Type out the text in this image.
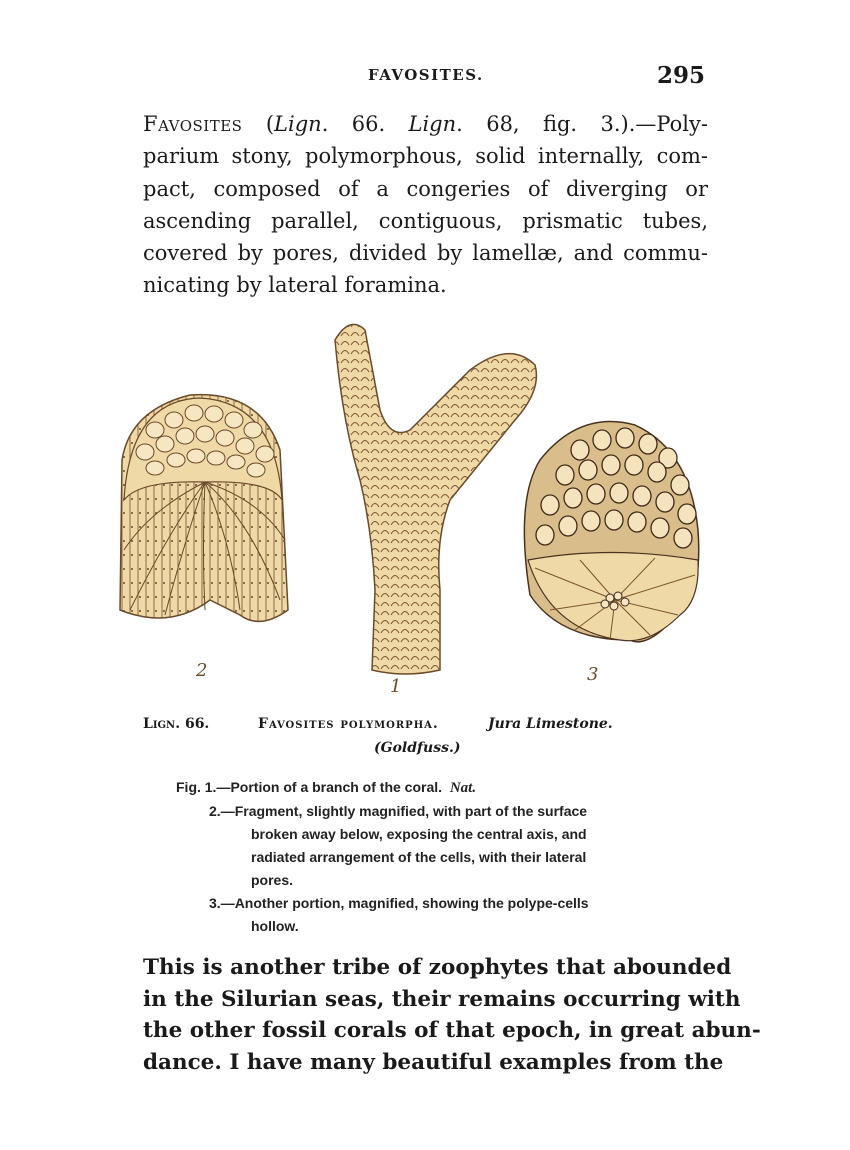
FAVOSITES.	295
Favosites (Lign. 66. Lign. 68, fig. 3.).—Poly-
parium stony, polymorphous, solid internally, com-
pact, composed of a congeries of diverging or
ascending parallel, contiguous, prismatic tubes,
covered by pores, divided by lamellæ, and commu-
nicating by lateral foramina.
2
1
3
Lign. 66.	Favosites polymorpha.	Jura Limestone.
(Goldfuss.)
Fig. 1.—Portion of a branch of the coral. Nat.
2.—Fragment, slightly magnified, with part of the surface
broken away below, exposing the central axis, and
radiated arrangement of the cells, with their lateral
pores.
3.—Another portion, magnified, showing the polype-cells
hollow.
This is another tribe of zoophytes that abounded
in the Silurian seas, their remains occurring with
the other fossil corals of that epoch, in great abun-
dance. I have many beautiful examples from the
